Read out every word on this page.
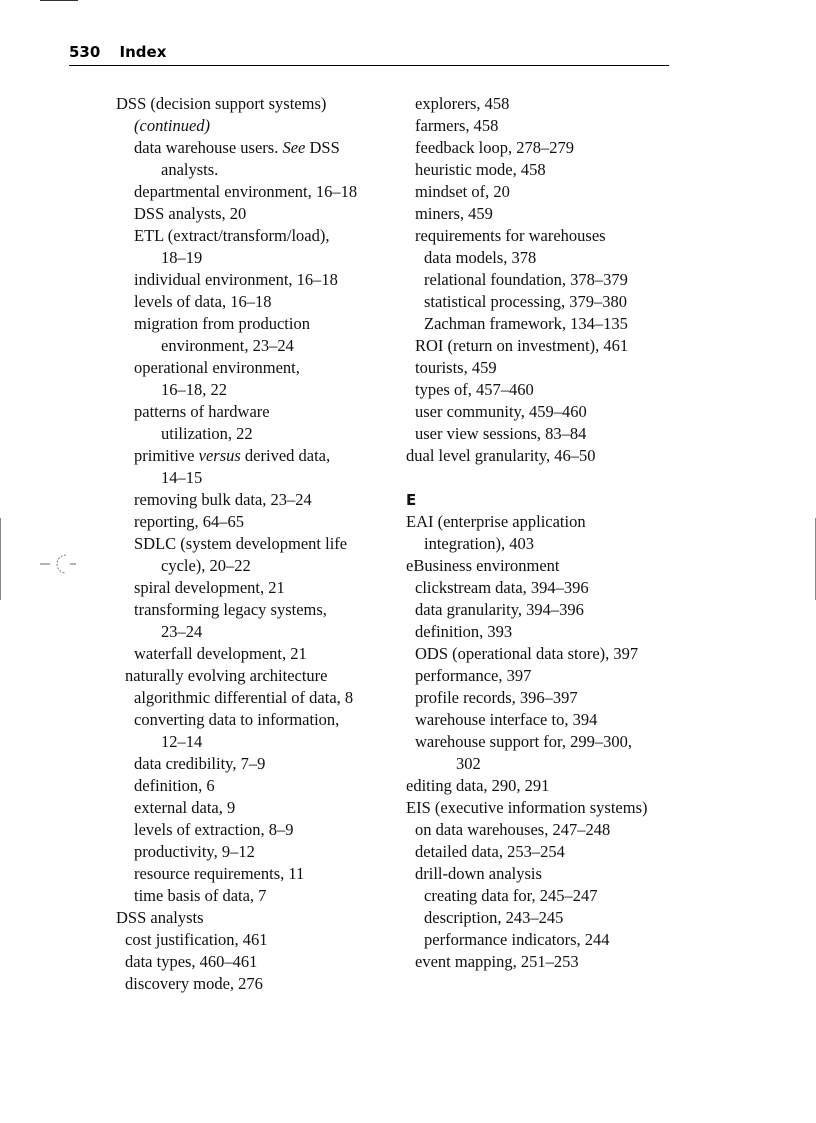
530 Index
DSS (decision support systems)
(continued)
data warehouse users. See DSS
analysts.
departmental environment, 16–18
DSS analysts, 20
ETL (extract/transform/load),
18–19
individual environment, 16–18
levels of data, 16–18
migration from production
environment, 23–24
operational environment,
16–18, 22
patterns of hardware
utilization, 22
primitive versus derived data,
14–15
removing bulk data, 23–24
reporting, 64–65
SDLC (system development life
cycle), 20–22
spiral development, 21
transforming legacy systems,
23–24
waterfall development, 21
naturally evolving architecture
algorithmic differential of data, 8
converting data to information,
12–14
data credibility, 7–9
definition, 6
external data, 9
levels of extraction, 8–9
productivity, 9–12
resource requirements, 11
time basis of data, 7
DSS analysts
cost justification, 461
data types, 460–461
discovery mode, 276
explorers, 458
farmers, 458
feedback loop, 278–279
heuristic mode, 458
mindset of, 20
miners, 459
requirements for warehouses
data models, 378
relational foundation, 378–379
statistical processing, 379–380
Zachman framework, 134–135
ROI (return on investment), 461
tourists, 459
types of, 457–460
user community, 459–460
user view sessions, 83–84
dual level granularity, 46–50
E
EAI (enterprise application
integration), 403
eBusiness environment
clickstream data, 394–396
data granularity, 394–396
definition, 393
ODS (operational data store), 397
performance, 397
profile records, 396–397
warehouse interface to, 394
warehouse support for, 299–300,
302
editing data, 290, 291
EIS (executive information systems)
on data warehouses, 247–248
detailed data, 253–254
drill-down analysis
creating data for, 245–247
description, 243–245
performance indicators, 244
event mapping, 251–253
